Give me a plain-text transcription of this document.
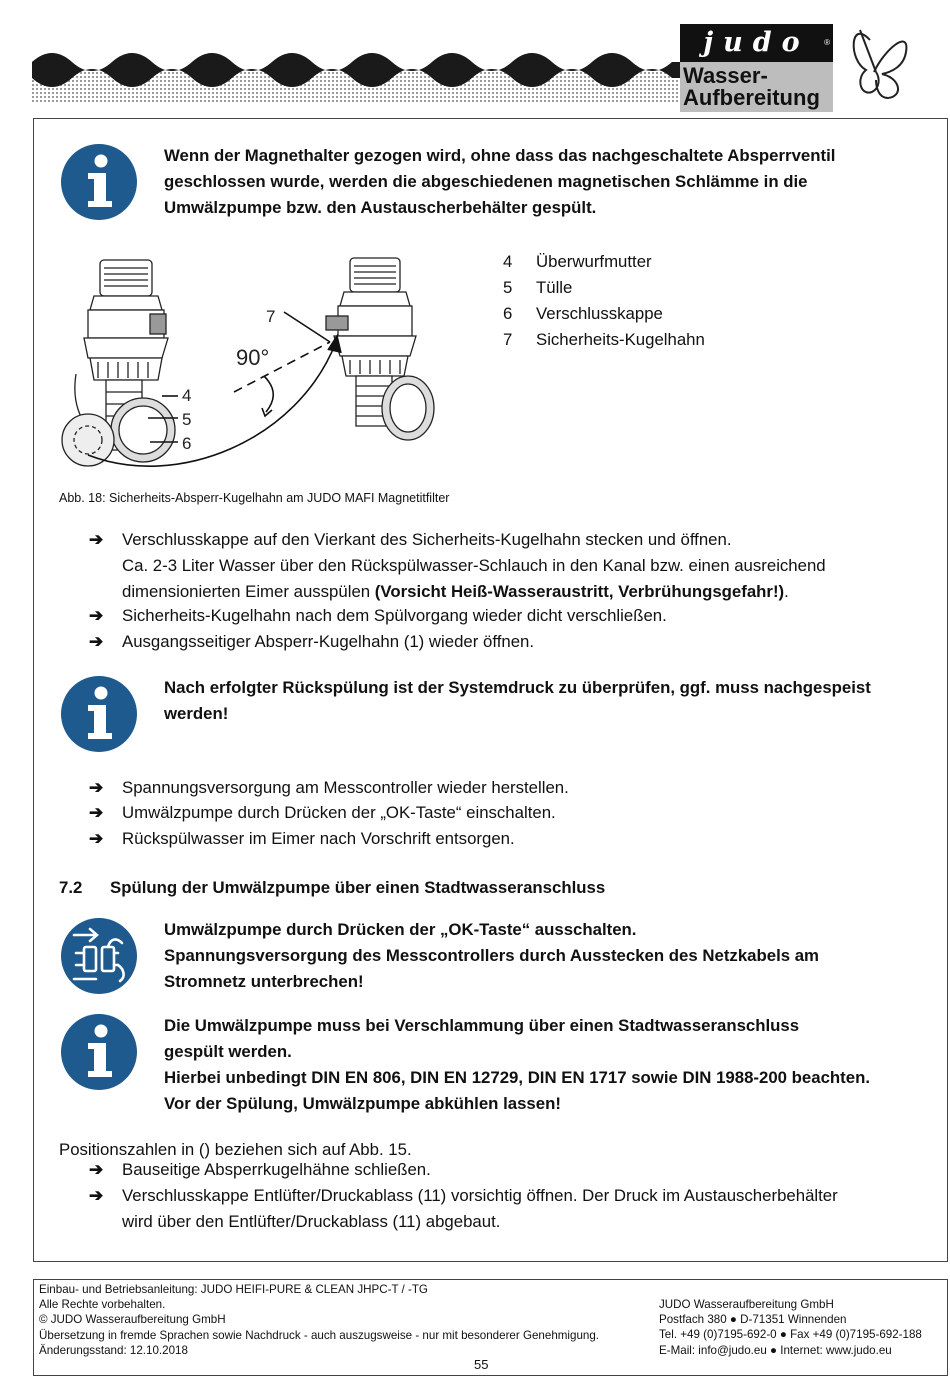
judo	®
Wasser-
Aufbereitung
Wenn der Magnethalter gezogen wird, ohne dass das nachgeschaltete Absperrventil
geschlossen wurde, werden die abgeschiedenen magnetischen Schlämme in die
Umwälzpumpe bzw. den Austauscherbehälter gespült.
7
90°
4
5
6
4 Überwurfmutter
5 Tülle
6 Verschlusskappe
7 Sicherheits-Kugelhahn
Abb. 18: Sicherheits-Absperr-Kugelhahn am JUDO MAFI Magnetitfilter
➔ Verschlusskappe auf den Vierkant des Sicherheits-Kugelhahn stecken und öffnen.
Ca. 2-3 Liter Wasser über den Rückspülwasser-Schlauch in den Kanal bzw. einen ausreichend
dimensionierten Eimer ausspülen (Vorsicht Heiß-Wasseraustritt, Verbrühungsgefahr!).
➔ Sicherheits-Kugelhahn nach dem Spülvorgang wieder dicht verschließen.
➔ Ausgangsseitiger Absperr-Kugelhahn (1) wieder öffnen.
Nach erfolgter Rückspülung ist der Systemdruck zu überprüfen, ggf. muss nachgespeist
werden!
➔ Spannungsversorgung am Messcontroller wieder herstellen.
➔ Umwälzpumpe durch Drücken der „OK-Taste“ einschalten.
➔ Rückspülwasser im Eimer nach Vorschrift entsorgen.
7.2 Spülung der Umwälzpumpe über einen Stadtwasseranschluss
Umwälzpumpe durch Drücken der „OK-Taste“ ausschalten.
Spannungsversorgung des Messcontrollers durch Ausstecken des Netzkabels am
Stromnetz unterbrechen!
Die Umwälzpumpe muss bei Verschlammung über einen Stadtwasseranschluss
gespült werden.
Hierbei unbedingt DIN EN 806, DIN EN 12729, DIN EN 1717 sowie DIN 1988-200 beachten.
Vor der Spülung, Umwälzpumpe abkühlen lassen!
Positionszahlen in () beziehen sich auf Abb. 15.
➔ Bauseitige Absperrkugelhähne schließen.
➔ Verschlusskappe Entlüfter/Druckablass (11) vorsichtig öffnen. Der Druck im Austauscherbehälter
wird über den Entlüfter/Druckablass (11) abgebaut.
Einbau- und Betriebsanleitung: JUDO HEIFI-PURE & CLEAN JHPC-T / -TG
Alle Rechte vorbehalten.
© JUDO Wasseraufbereitung GmbH
Übersetzung in fremde Sprachen sowie Nachdruck - auch auszugsweise - nur mit besonderer Genehmigung.
Änderungsstand: 12.10.2018
JUDO Wasseraufbereitung GmbH
Postfach 380 ● D-71351 Winnenden
Tel. +49 (0)7195-692-0 ● Fax +49 (0)7195-692-188
E-Mail: info@judo.eu ● Internet: www.judo.eu
55
